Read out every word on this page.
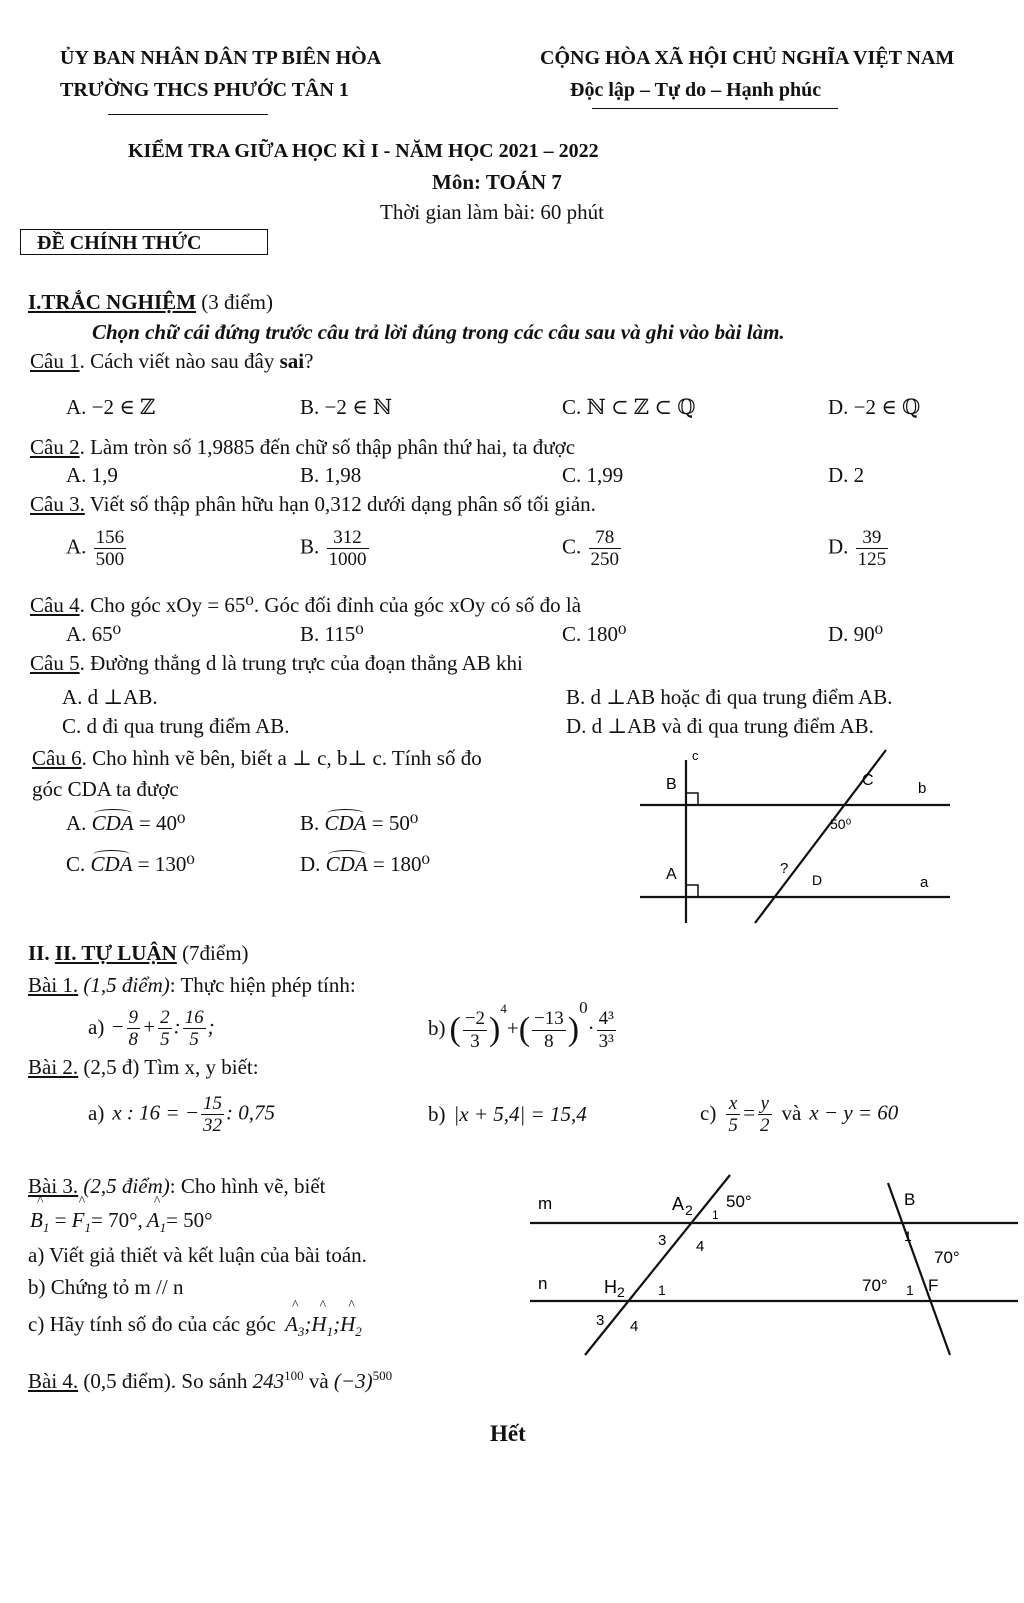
ỦY BAN NHÂN DÂN TP BIÊN HÒA
TRƯỜNG THCS PHƯỚC TÂN 1
CỘNG HÒA XÃ HỘI CHỦ NGHĨA VIỆT NAM
Độc lập – Tự do – Hạnh phúc
KIỂM TRA GIỮA HỌC KÌ I - NĂM HỌC 2021 – 2022
Môn: TOÁN 7
Thời gian làm bài: 60 phút
ĐỀ CHÍNH THỨC
I.TRẮC NGHIỆM (3 điểm)
Chọn chữ cái đứng trước câu trả lời đúng trong các câu sau và ghi vào bài làm.
Câu 1. Cách viết nào sau đây sai?
A. −2 ∈ ℤ	B. −2 ∈ ℕ	C. ℕ ⊂ ℤ ⊂ ℚ	D. −2 ∈ ℚ
Câu 2. Làm tròn số 1,9885 đến chữ số thập phân thứ hai, ta được
A. 1,9	B. 1,98	C. 1,99	D. 2
Câu 3. Viết số thập phân hữu hạn 0,312 dưới dạng phân số tối giản.
A. $\frac{156}{500}$	B. $\frac{312}{1000}$	C. $\frac{78}{250}$	D. $\frac{39}{125}$
Câu 4. Cho góc xOy = 65⁰. Góc đối đỉnh của góc xOy có số đo là
A. 65⁰	B. 115⁰	C. 180⁰	D. 90⁰
Câu 5. Đường thẳng d là trung trực của đoạn thẳng AB khi
A. d ⊥AB.	B. d ⊥AB hoặc đi qua trung điểm AB.
C. d đi qua trung điểm AB.	D. d ⊥AB và đi qua trung điểm AB.
Câu 6. Cho hình vẽ bên, biết a ⊥ c, b⊥ c. Tính số đo
góc CDA ta được
A. CDA = 40⁰	B. CDA = 50⁰
C. CDA = 130⁰	D. CDA = 180⁰
c
B	C	b
50⁰
A	?
D	a
II. II. TỰ LUẬN (7điểm)
Bài 1. (1,5 điểm): Thực hiện phép tính:
$a) - \frac{9}{8} + \frac{2}{5}$ : $\frac{16}{5}$ ;	b) ( $\frac{-2}{3} )^4+( \frac{-13}{8} )^0\cdot \frac{\text{4³}}{\text{3³}}$
Bài 2. (2,5 đ) Tìm x, y biết:
a) x : 16 = − $\frac{15}{32}$ : 0,75	b) |x + 5,4| = 15,4	$c) \frac{x}{5} = \frac{y}{2}$ và x − y = 60
Bài 3. (2,5 điểm): Cho hình vẽ, biết
^ $B_1$ = ^ $F_1=$ 70°,^ $A_1= 50^\circ$
a) Viết giả thiết và kết luận của bài toán.
b) Chứng tỏ m // n
c) Hãy tính số đo của các góc ^ $A_3;\^{}$ $H_1;\^{}$ $H_2$
m
n
A 2 1
50°
3 4
B
1
70°
H 2 1
3 4
70° 1 F
Bài 4. (0,5 điểm). So sánh $243^{100}$ và $(-3)^{500}$
Hết
